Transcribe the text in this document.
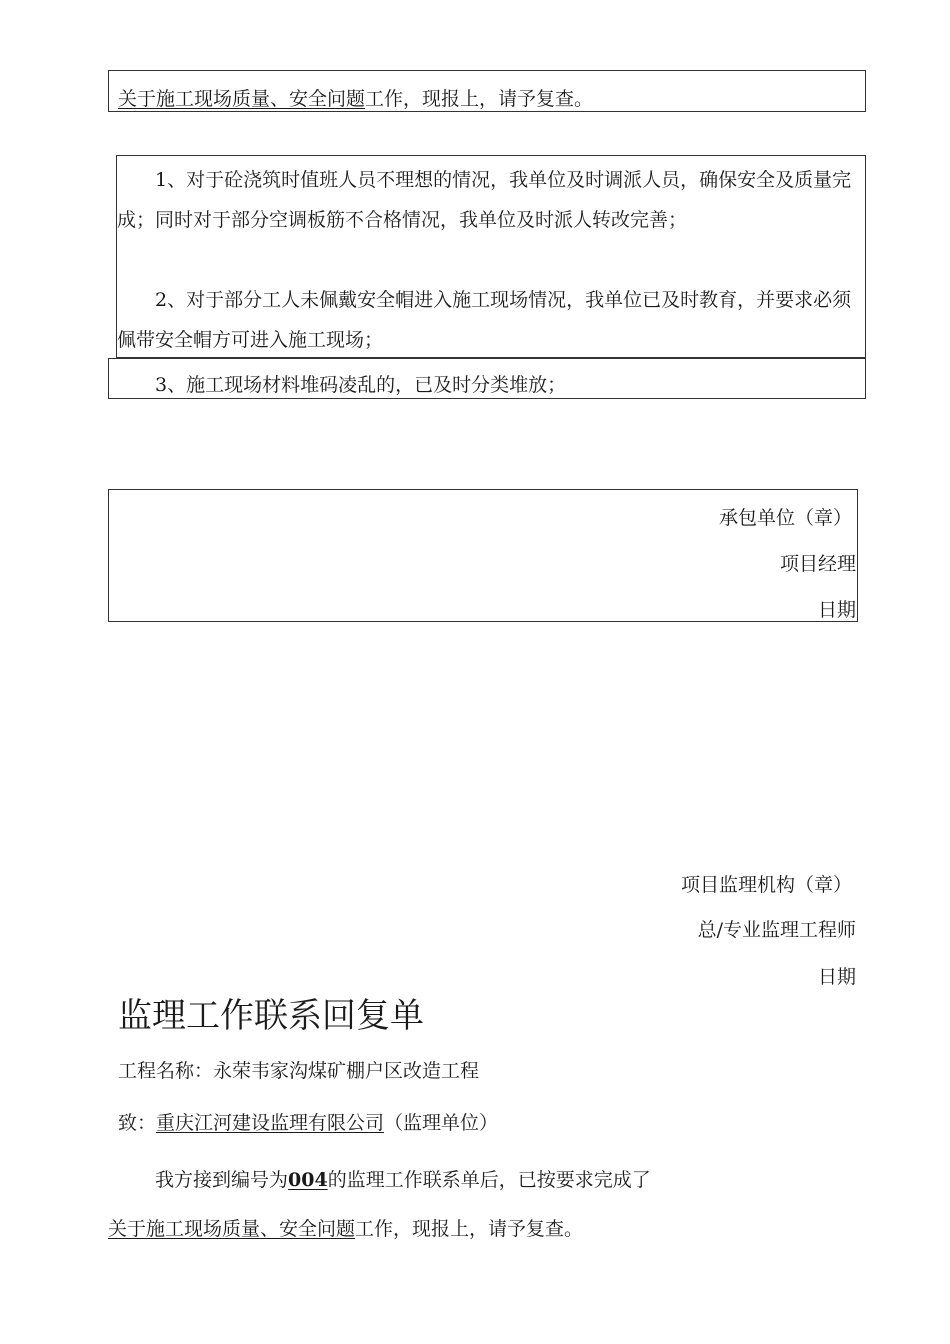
关于施工现场质量、安全问题工作，现报上，请予复查。
1、对于砼浇筑时值班人员不理想的情况，我单位及时调派人员，确保安全及质量完成；同时对于部分空调板筋不合格情况，我单位及时派人转改完善；
2、对于部分工人未佩戴安全帽进入施工现场情况，我单位已及时教育，并要求必须佩带安全帽方可进入施工现场；
3、施工现场材料堆码凌乱的，已及时分类堆放；
承包单位（章）
项目经理
日期
项目监理机构（章）
总/专业监理工程师
日期
监理工作联系回复单
工程名称：永荣韦家沟煤矿棚户区改造工程
致：重庆江河建设监理有限公司（监理单位）
我方接到编号为004的监理工作联系单后，已按要求完成了
关于施工现场质量、安全问题工作，现报上，请予复查。
